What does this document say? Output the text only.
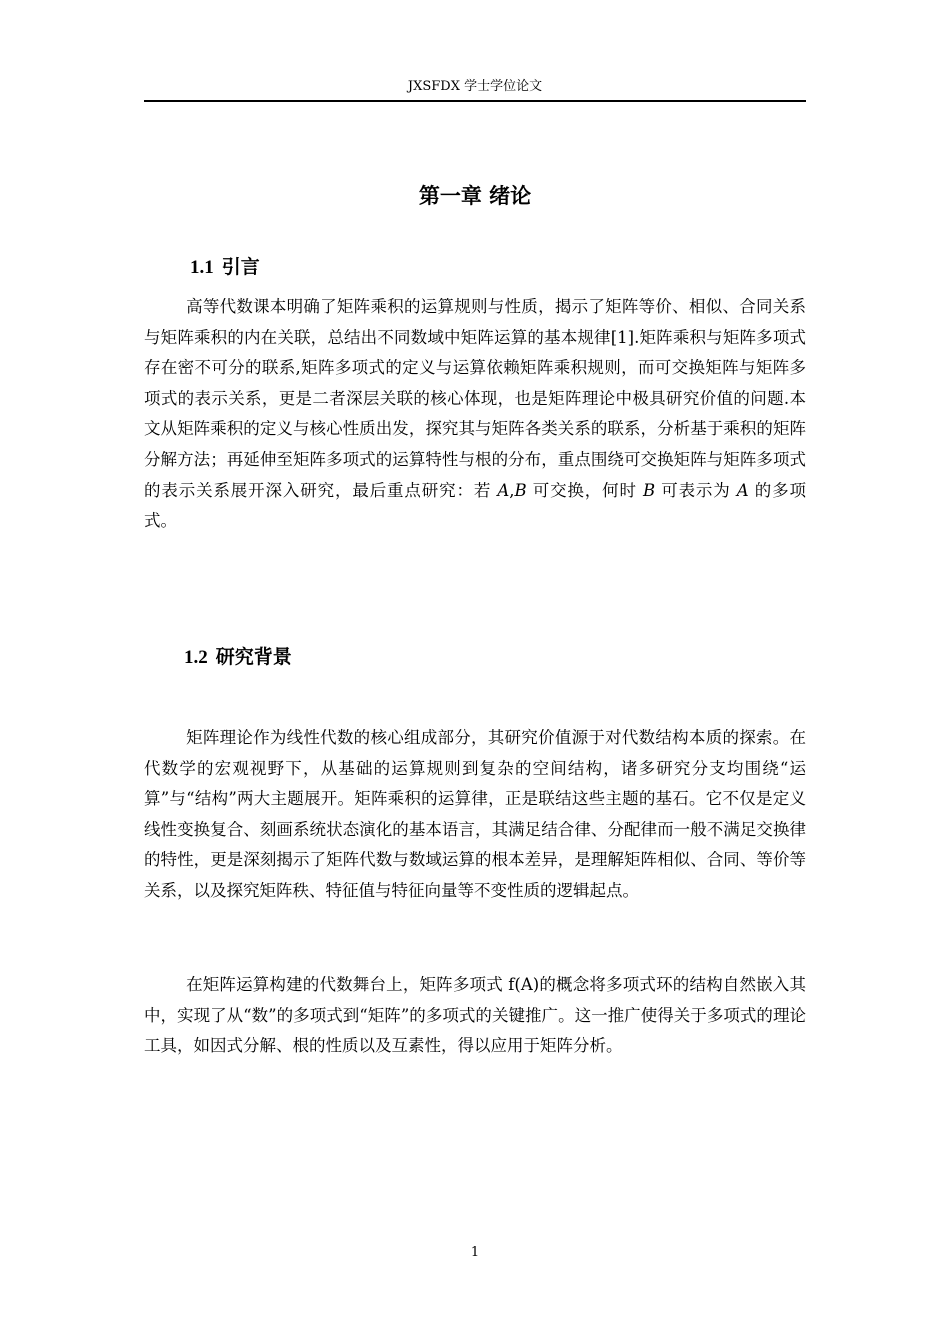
JXSFDX 学士学位论文
第一章 绪论
1.1 引言

高等代数课本明确了矩阵乘积的运算规则与性质，揭示了矩阵等价、相似、合同关系与矩阵乘积的内在关联，总结出不同数域中矩阵运算的基本规律[1].矩阵乘积与矩阵多项式存在密不可分的联系,矩阵多项式的定义与运算依赖矩阵乘积规则，而可交换矩阵与矩阵多项式的表示关系，更是二者深层关联的核心体现，也是矩阵理论中极具研究价值的问题.本文从矩阵乘积的定义与核心性质出发，探究其与矩阵各类关系的联系，分析基于乘积的矩阵分解方法；再延伸至矩阵多项式的运算特性与根的分布，重点围绕可交换矩阵与矩阵多项式的表示关系展开深入研究，最后重点研究：若 𝐴,𝐵 可交换，何时 𝐵 可表示为 𝐴 的多项式。

1.2 研究背景

矩阵理论作为线性代数的核心组成部分，其研究价值源于对代数结构本质的探索。在代数学的宏观视野下，从基础的运算规则到复杂的空间结构，诸多研究分支均围绕“运算”与“结构”两大主题展开。矩阵乘积的运算律，正是联结这些主题的基石。它不仅是定义线性变换复合、刻画系统状态演化的基本语言，其满足结合律、分配律而一般不满足交换律的特性，更是深刻揭示了矩阵代数与数域运算的根本差异，是理解矩阵相似、合同、等价等关系，以及探究矩阵秩、特征值与特征向量等不变性质的逻辑起点。

在矩阵运算构建的代数舞台上，矩阵多项式 f(A)的概念将多项式环的结构自然嵌入其中，实现了从“数”的多项式到“矩阵”的多项式的关键推广。这一推广使得关于多项式的理论工具，如因式分解、根的性质以及互素性，得以应用于矩阵分析。

1
